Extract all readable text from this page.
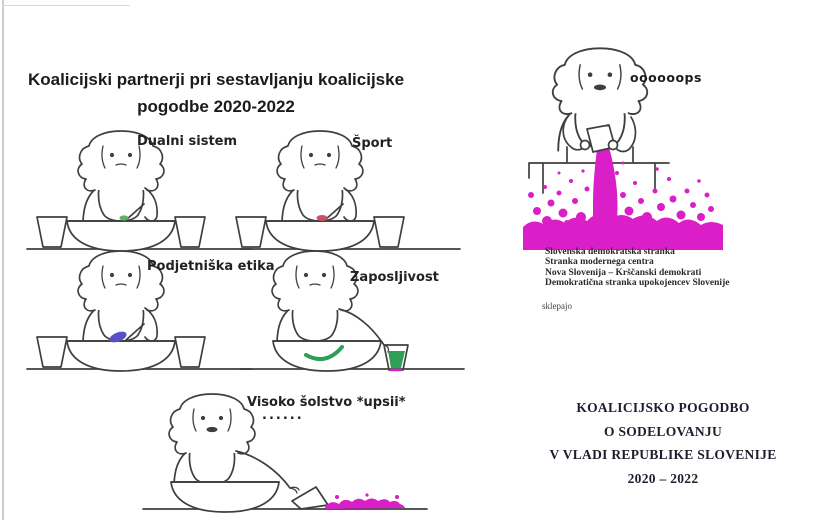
Koalicijski partnerji pri sestavljanju koalicijske
pogodbe 2020-2022
Dualni sistem	Šport
Podjetniška etika
Zaposljivost
Visoko šolstvo *upsii*
......
oooooops
Slovenska demokratska stranka
Stranka modernega centra
Nova Slovenija – Krščanski demokrati
Demokratična stranka upokojencev Slovenije
sklepajo
KOALICIJSKO POGODBO
O SODELOVANJU
V VLADI REPUBLIKE SLOVENIJE
2020 – 2022
